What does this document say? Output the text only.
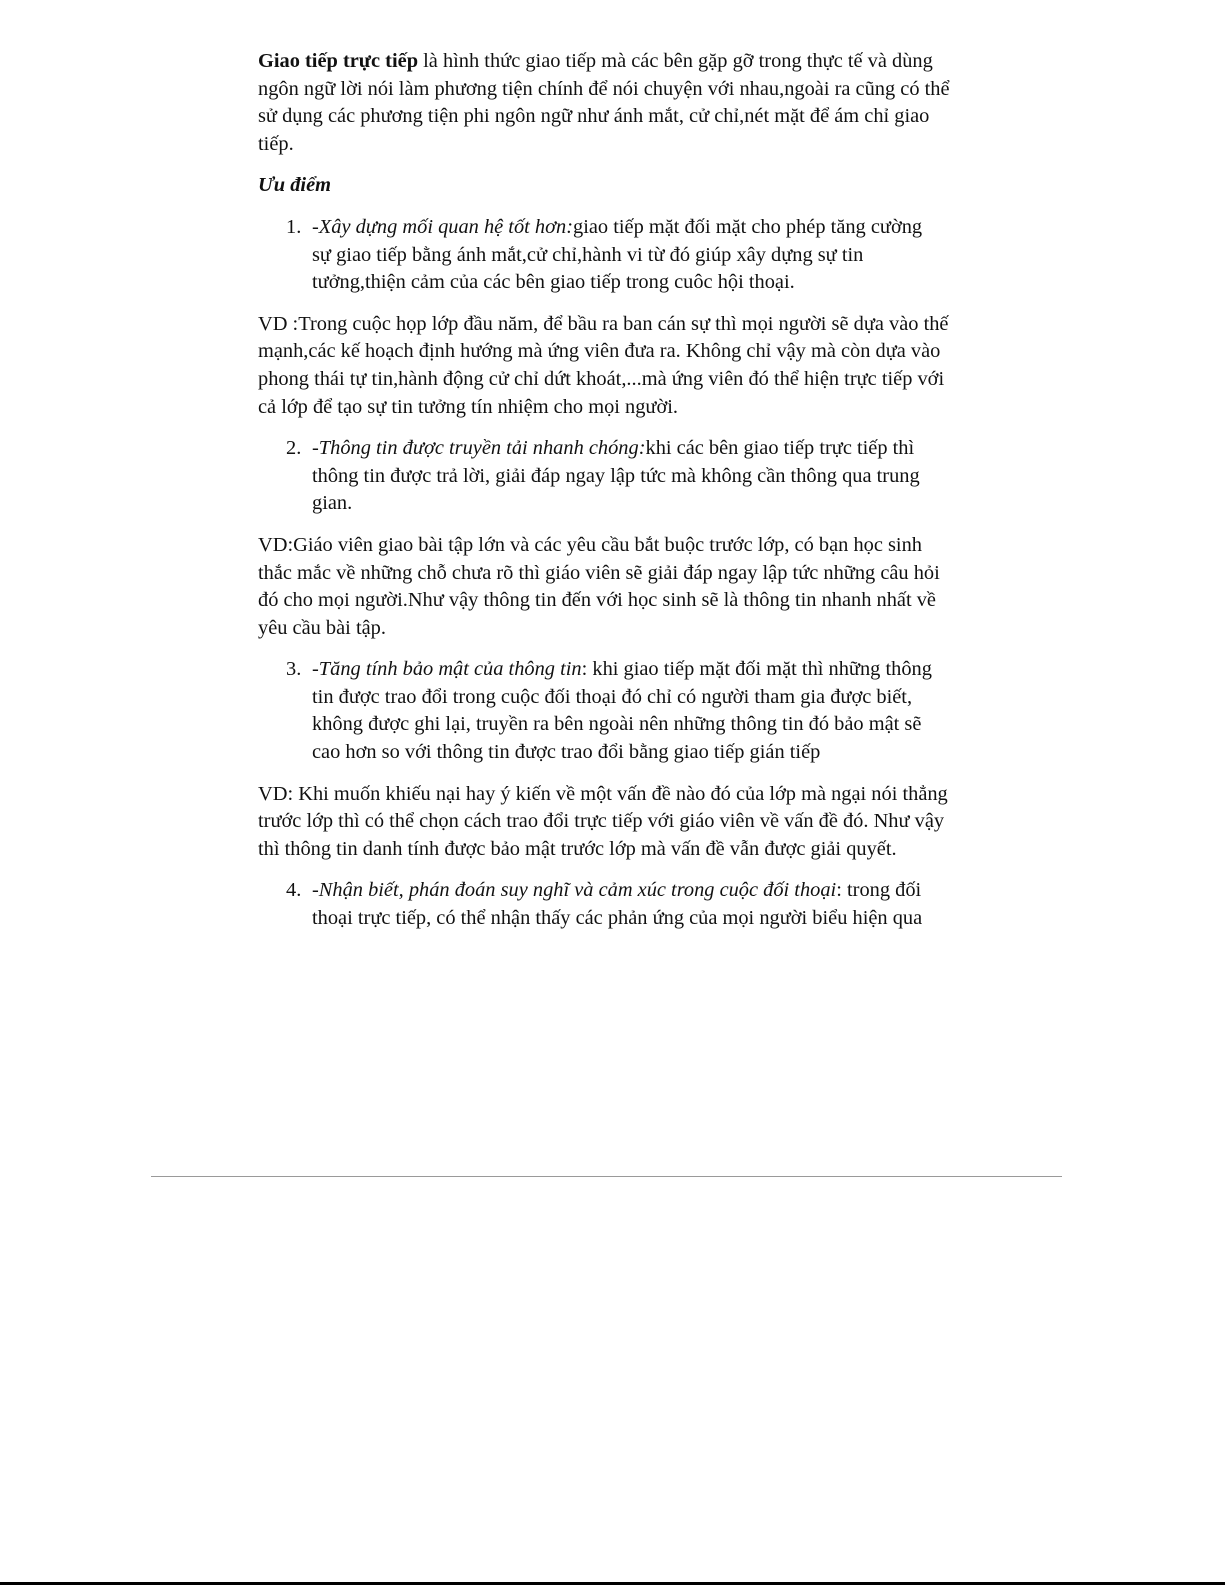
Giao tiếp trực tiếp là hình thức giao tiếp mà các bên gặp gỡ trong thực tế và dùng ngôn ngữ lời nói làm phương tiện chính để nói chuyện với nhau,ngoài ra cũng có thể sử dụng các phương tiện phi ngôn ngữ như ánh mắt, cử chỉ,nét mặt để ám chỉ giao tiếp.

Ưu điểm

1. -Xây dựng mối quan hệ tốt hơn:giao tiếp mặt đối mặt cho phép tăng cường sự giao tiếp bằng ánh mắt,cử chỉ,hành vi từ đó giúp xây dựng sự tin tưởng,thiện cảm của các bên giao tiếp trong cuôc hội thoại.

VD :Trong cuộc họp lớp đầu năm, để bầu ra ban cán sự thì mọi người sẽ dựa vào thế mạnh,các kế hoạch định hướng mà ứng viên đưa ra. Không chỉ vậy mà còn dựa vào phong thái tự tin,hành động cử chỉ dứt khoát,...mà ứng viên đó thể hiện trực tiếp với cả lớp để tạo sự tin tưởng tín nhiệm cho mọi người.

2. -Thông tin được truyền tải nhanh chóng:khi các bên giao tiếp trực tiếp thì thông tin được trả lời, giải đáp ngay lập tức mà không cần thông qua trung gian.

VD:Giáo viên giao bài tập lớn và các yêu cầu bắt buộc trước lớp, có bạn học sinh thắc mắc về những chỗ chưa rõ thì giáo viên sẽ giải đáp ngay lập tức những câu hỏi đó cho mọi người.Như vậy thông tin đến với học sinh sẽ là thông tin nhanh nhất về yêu cầu bài tập.

3. -Tăng tính bảo mật của thông tin: khi giao tiếp mặt đối mặt thì những thông tin được trao đổi trong cuộc đối thoại đó chỉ có người tham gia được biết, không được ghi lại, truyền ra bên ngoài nên những thông tin đó bảo mật sẽ cao hơn so với thông tin được trao đổi bằng giao tiếp gián tiếp

VD: Khi muốn khiếu nại hay ý kiến về một vấn đề nào đó của lớp mà ngại nói thẳng trước lớp thì có thể chọn cách trao đổi trực tiếp với giáo viên về vấn đề đó. Như vậy thì thông tin danh tính được bảo mật trước lớp mà vấn đề vẫn được giải quyết.

4. -Nhận biết, phán đoán suy nghĩ và cảm xúc trong cuộc đối thoại: trong đối thoại trực tiếp, có thể nhận thấy các phản ứng của mọi người biểu hiện qua
